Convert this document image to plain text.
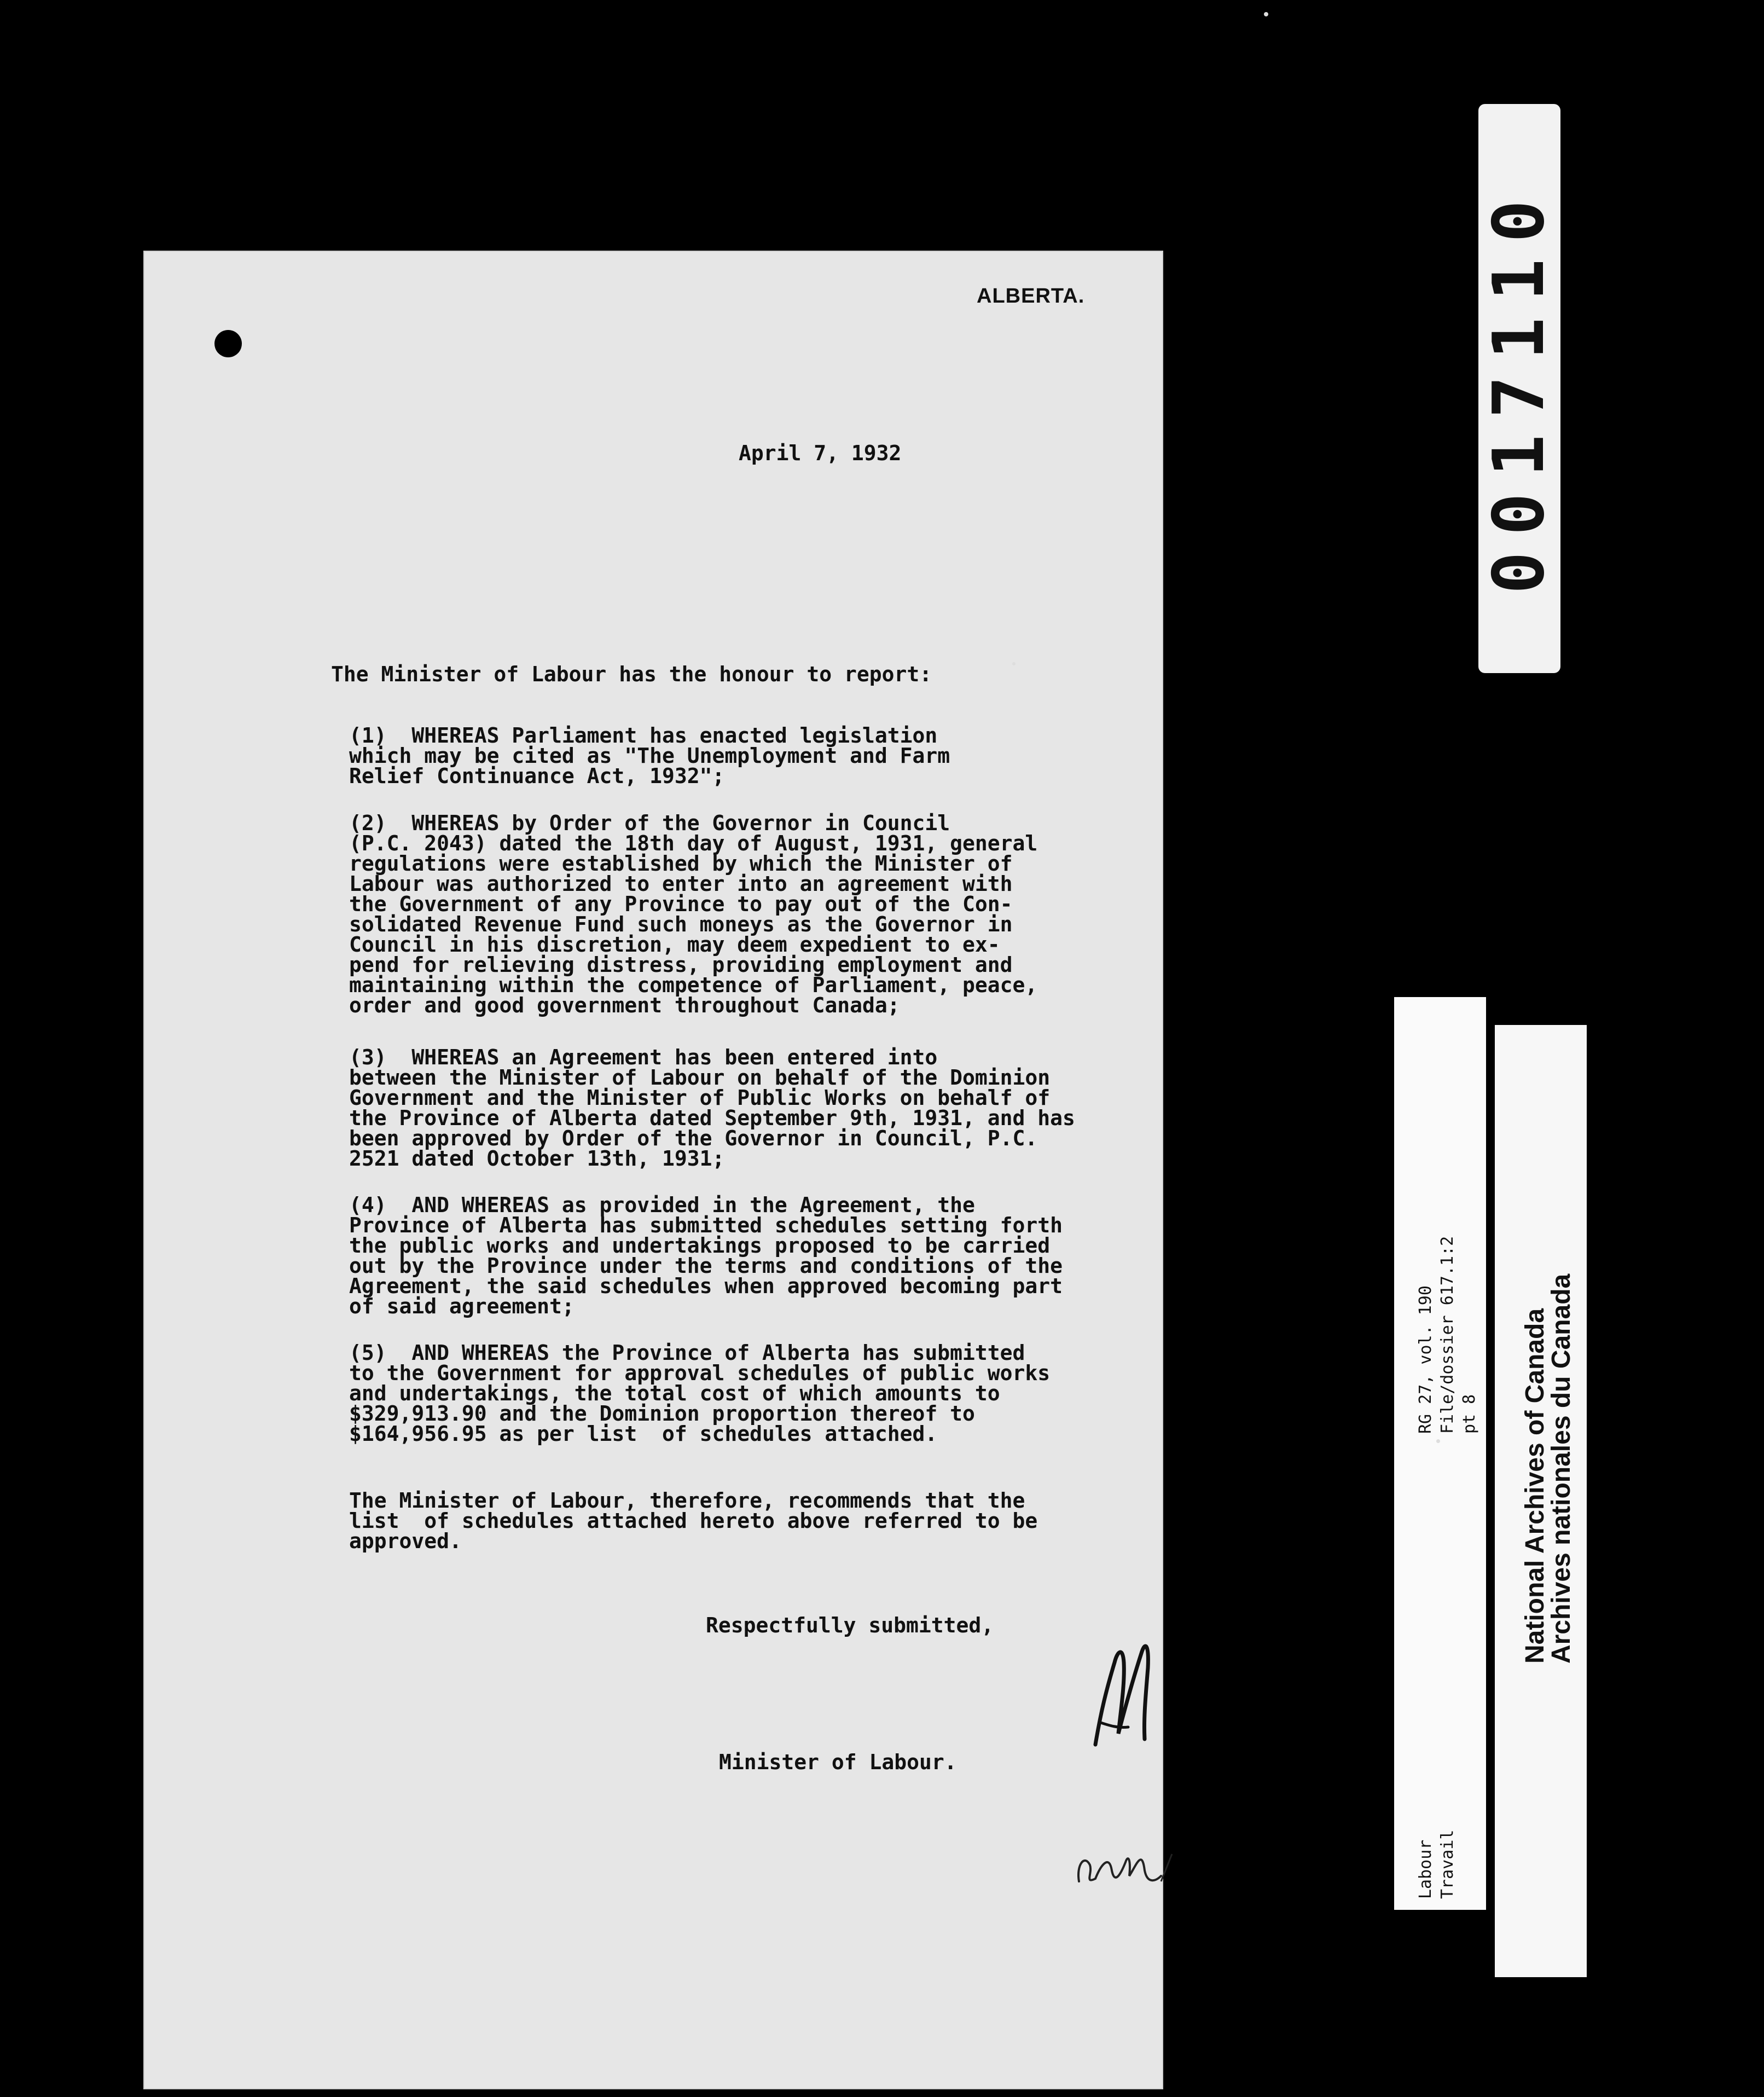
ALBERTA.
April 7, 1932
The Minister of Labour has the honour to report:
(1)  WHEREAS Parliament has enacted legislation
which may be cited as "The Unemployment and Farm
Relief Continuance Act, 1932";
(2)  WHEREAS by Order of the Governor in Council
(P.C. 2043) dated the 18th day of August, 1931, general
regulations were established by which the Minister of
Labour was authorized to enter into an agreement with
the Government of any Province to pay out of the Con-
solidated Revenue Fund such moneys as the Governor in
Council in his discretion, may deem expedient to ex-
pend for relieving distress, providing employment and
maintaining within the competence of Parliament, peace,
order and good government throughout Canada;
(3)  WHEREAS an Agreement has been entered into
between the Minister of Labour on behalf of the Dominion
Government and the Minister of Public Works on behalf of
the Province of Alberta dated September 9th, 1931, and has
been approved by Order of the Governor in Council, P.C.
2521 dated October 13th, 1931;
(4)  AND WHEREAS as provided in the Agreement, the
Province of Alberta has submitted schedules setting forth
the public works and undertakings proposed to be carried
out by the Province under the terms and conditions of the
Agreement, the said schedules when approved becoming part
of said agreement;
(5)  AND WHEREAS the Province of Alberta has submitted
to the Government for approval schedules of public works
and undertakings, the total cost of which amounts to
$329,913.90 and the Dominion proportion thereof to
$164,956.95 as per list  of schedules attached.
The Minister of Labour, therefore, recommends that the
list  of schedules attached hereto above referred to be
approved.
Respectfully submitted,
Minister of Labour.
0017110
RG 27, vol. 190 File/dossier 617.1:2 pt 8
Labour Travail
National Archives of Canada
Archives nationales du Canada
